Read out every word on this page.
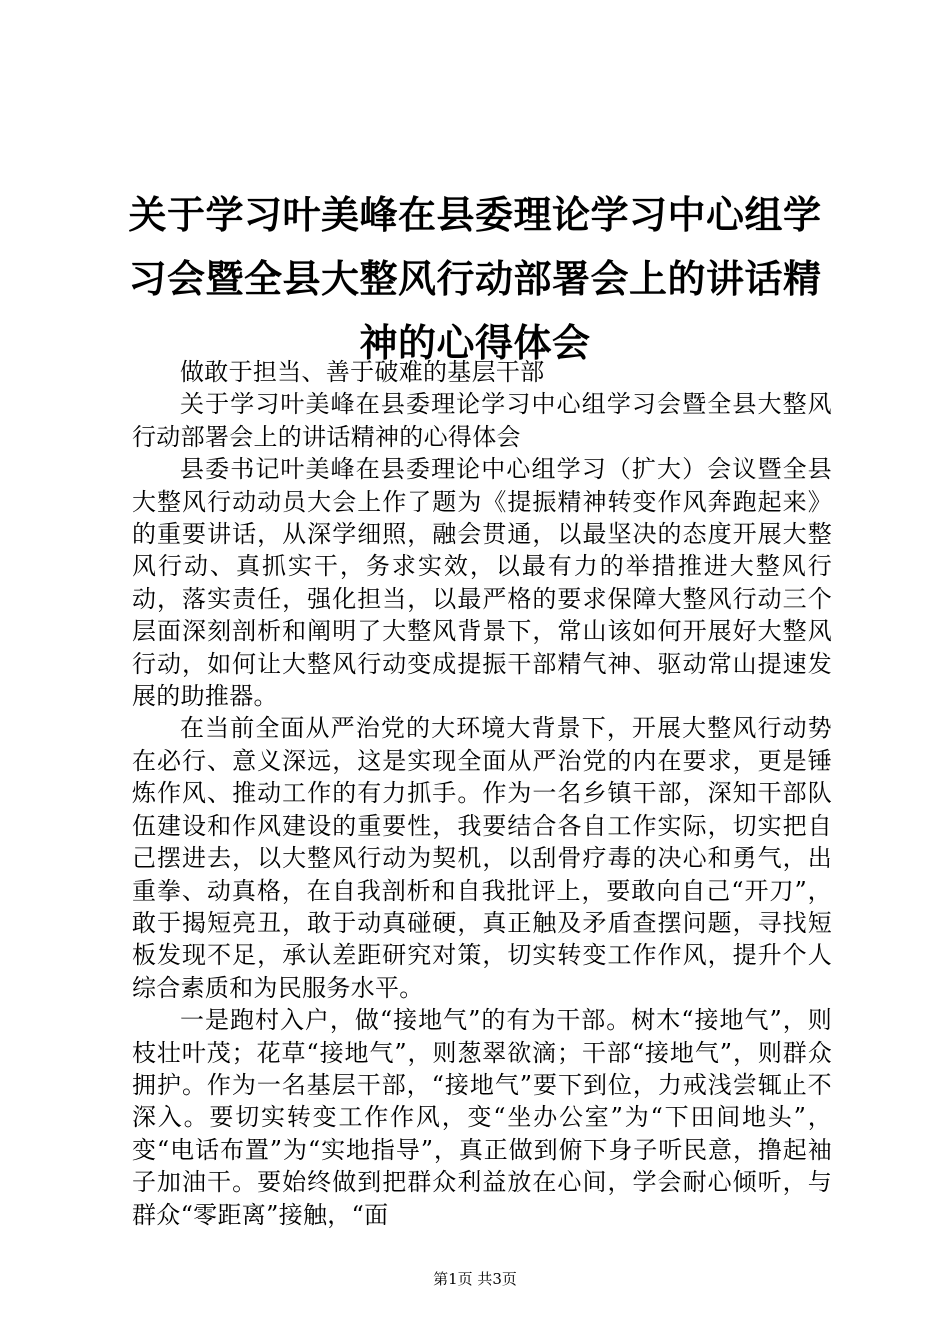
关于学习叶美峰在县委理论学习中心组学习会暨全县大整风行动部署会上的讲话精神的心得体会

做敢于担当、善于破难的基层干部

关于学习叶美峰在县委理论学习中心组学习会暨全县大整风行动部署会上的讲话精神的心得体会

县委书记叶美峰在县委理论中心组学习（扩大）会议暨全县大整风行动动员大会上作了题为《提振精神转变作风奔跑起来》的重要讲话，从深学细照，融会贯通，以最坚决的态度开展大整风行动、真抓实干，务求实效，以最有力的举措推进大整风行动，落实责任，强化担当，以最严格的要求保障大整风行动三个层面深刻剖析和阐明了大整风背景下，常山该如何开展好大整风行动，如何让大整风行动变成提振干部精气神、驱动常山提速发展的助推器。

在当前全面从严治党的大环境大背景下，开展大整风行动势在必行、意义深远，这是实现全面从严治党的内在要求，更是锤炼作风、推动工作的有力抓手。作为一名乡镇干部，深知干部队伍建设和作风建设的重要性，我要结合各自工作实际，切实把自己摆进去，以大整风行动为契机，以刮骨疗毒的决心和勇气，出重拳、动真格，在自我剖析和自我批评上，要敢向自己“开刀”，敢于揭短亮丑，敢于动真碰硬，真正触及矛盾查摆问题，寻找短板发现不足，承认差距研究对策，切实转变工作作风，提升个人综合素质和为民服务水平。

一是跑村入户，做“接地气”的有为干部。树木“接地气”，则枝壮叶茂；花草“接地气”，则葱翠欲滴；干部“接地气”，则群众拥护。作为一名基层干部，“接地气”要下到位，力戒浅尝辄止不深入。要切实转变工作作风，变“坐办公室”为“下田间地头”，变“电话布置”为“实地指导”，真正做到俯下身子听民意，撸起袖子加油干。要始终做到把群众利益放在心间，学会耐心倾听，与群众“零距离”接触，“面

第1页 共3页
